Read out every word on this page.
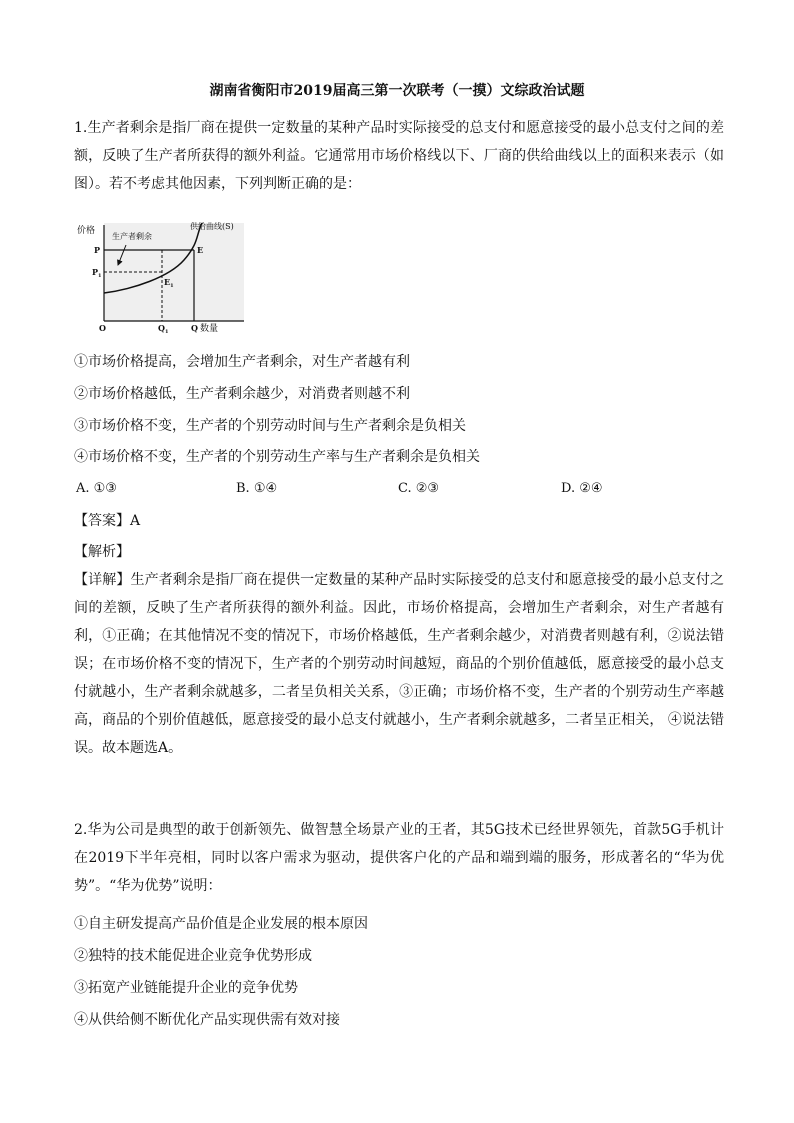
湖南省衡阳市2019届高三第一次联考（一摸）文综政治试题

1.生产者剩余是指厂商在提供一定数量的某种产品时实际接受的总支付和愿意接受的最小总支付之间的差额，反映了生产者所获得的额外利益。它通常用市场价格线以下、厂商的供给曲线以上的面积来表示（如图）。若不考虑其他因素，下列判断正确的是：

价格
数量
供给曲线(S)
生产者剩余
O
P
$P_1$
$Q_1$	Q
E
$E_1$
①市场价格提高，会增加生产者剩余，对生产者越有利
②市场价格越低，生产者剩余越少，对消费者则越不利
③市场价格不变，生产者的个别劳动时间与生产者剩余是负相关
④市场价格不变，生产者的个别劳动生产率与生产者剩余是负相关
A. ①③	B. ①④	C. ②③	D. ②④
【答案】A
【解析】

【详解】生产者剩余是指厂商在提供一定数量的某种产品时实际接受的总支付和愿意接受的最小总支付之间的差额，反映了生产者所获得的额外利益。因此，市场价格提高，会增加生产者剩余，对生产者越有利，①正确；在其他情况不变的情况下，市场价格越低，生产者剩余越少，对消费者则越有利，②说法错误；在市场价格不变的情况下，生产者的个别劳动时间越短，商品的个别价值越低，愿意接受的最小总支付就越小，生产者剩余就越多，二者呈负相关关系，③正确；市场价格不变，生产者的个别劳动生产率越高，商品的个别价值越低，愿意接受的最小总支付就越小，生产者剩余就越多，二者呈正相关， ④说法错误。故本题选A。

2.华为公司是典型的敢于创新领先、做智慧全场景产业的王者，其5G技术已经世界领先，首款5G手机计在2019下半年亮相，同时以客户需求为驱动，提供客户化的产品和端到端的服务，形成著名的“华为优势”。“华为优势”说明：

①自主研发提高产品价值是企业发展的根本原因
②独特的技术能促进企业竞争优势形成
③拓宽产业链能提升企业的竞争优势
④从供给侧不断优化产品实现供需有效对接
